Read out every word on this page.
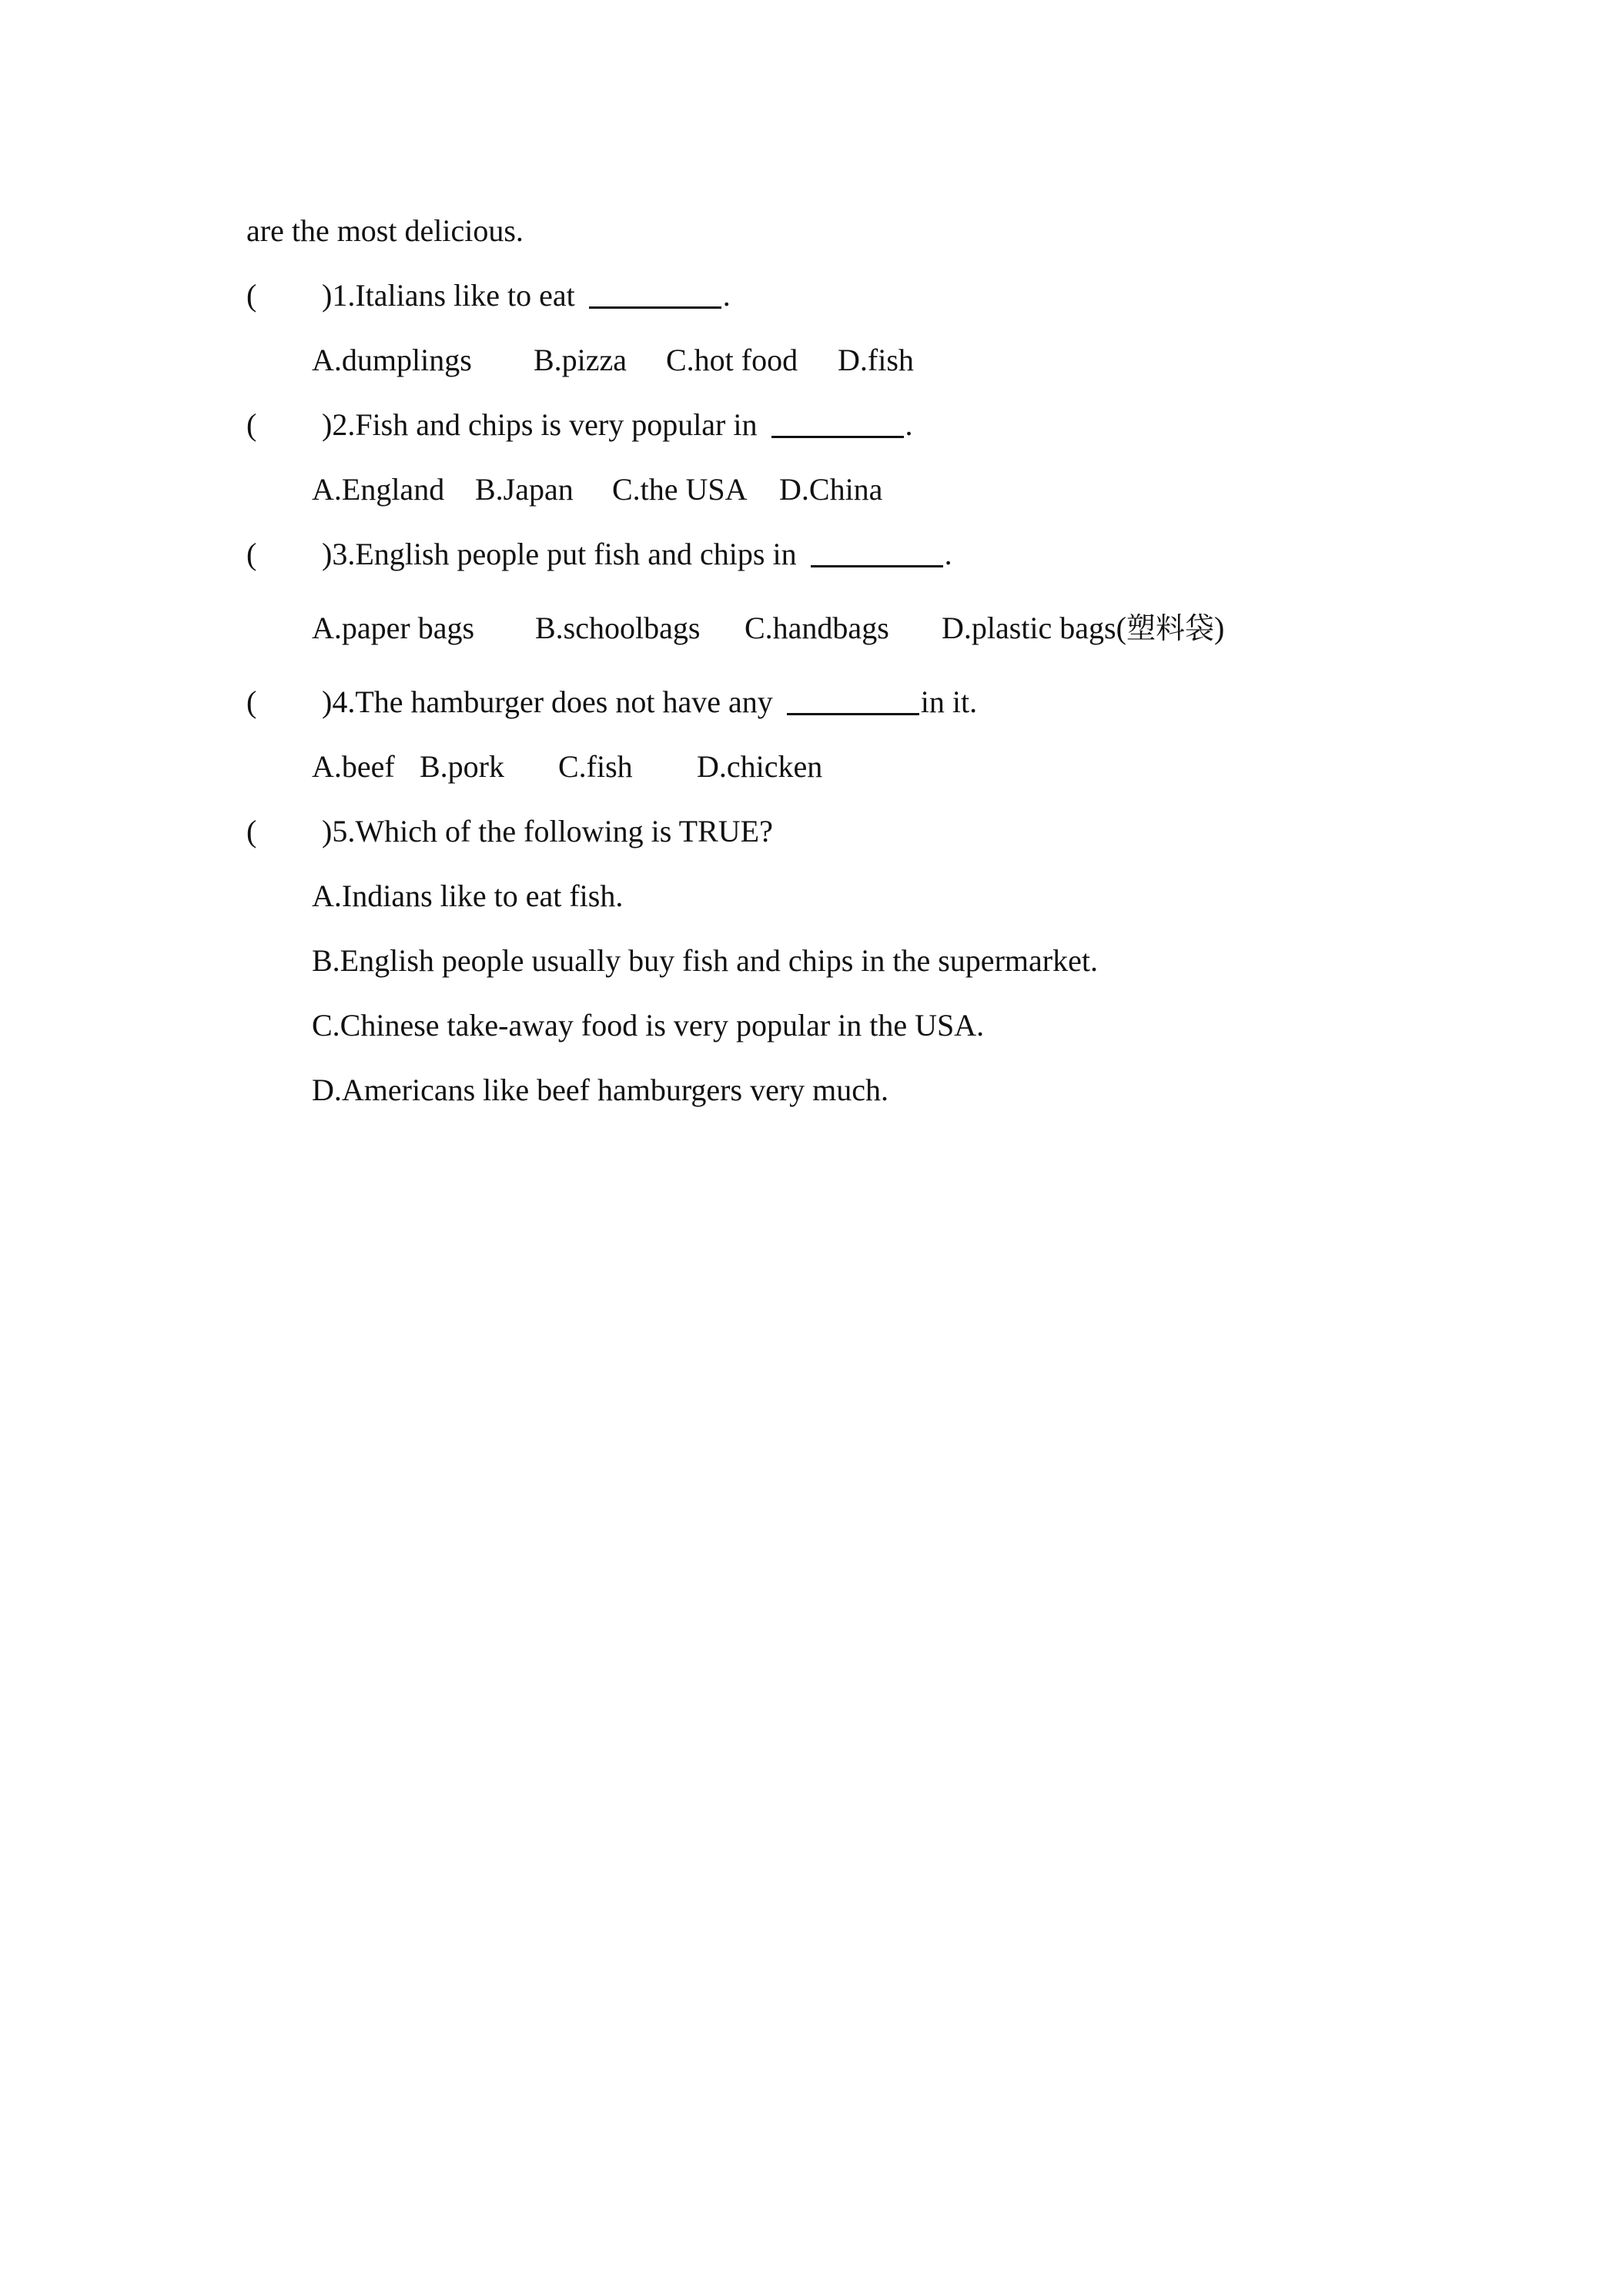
are the most delicious.
(	)1.Italians like to eat	.
A.dumplings B.pizza C.hot food D.fish
(	)2.Fish and chips is very popular in	.
A.England B.Japan C.the USA D.China
(	)3.English people put fish and chips in	.
A.paper bags B.schoolbags C.handbags D.plastic bags(塑料袋)
(	)4.The hamburger does not have any	in it.
A.beef B.pork C.fish D.chicken
(	)5.Which of the following is TRUE?
A.Indians like to eat fish.
B.English people usually buy fish and chips in the supermarket.
C.Chinese take-away food is very popular in the USA.
D.Americans like beef hamburgers very much.
